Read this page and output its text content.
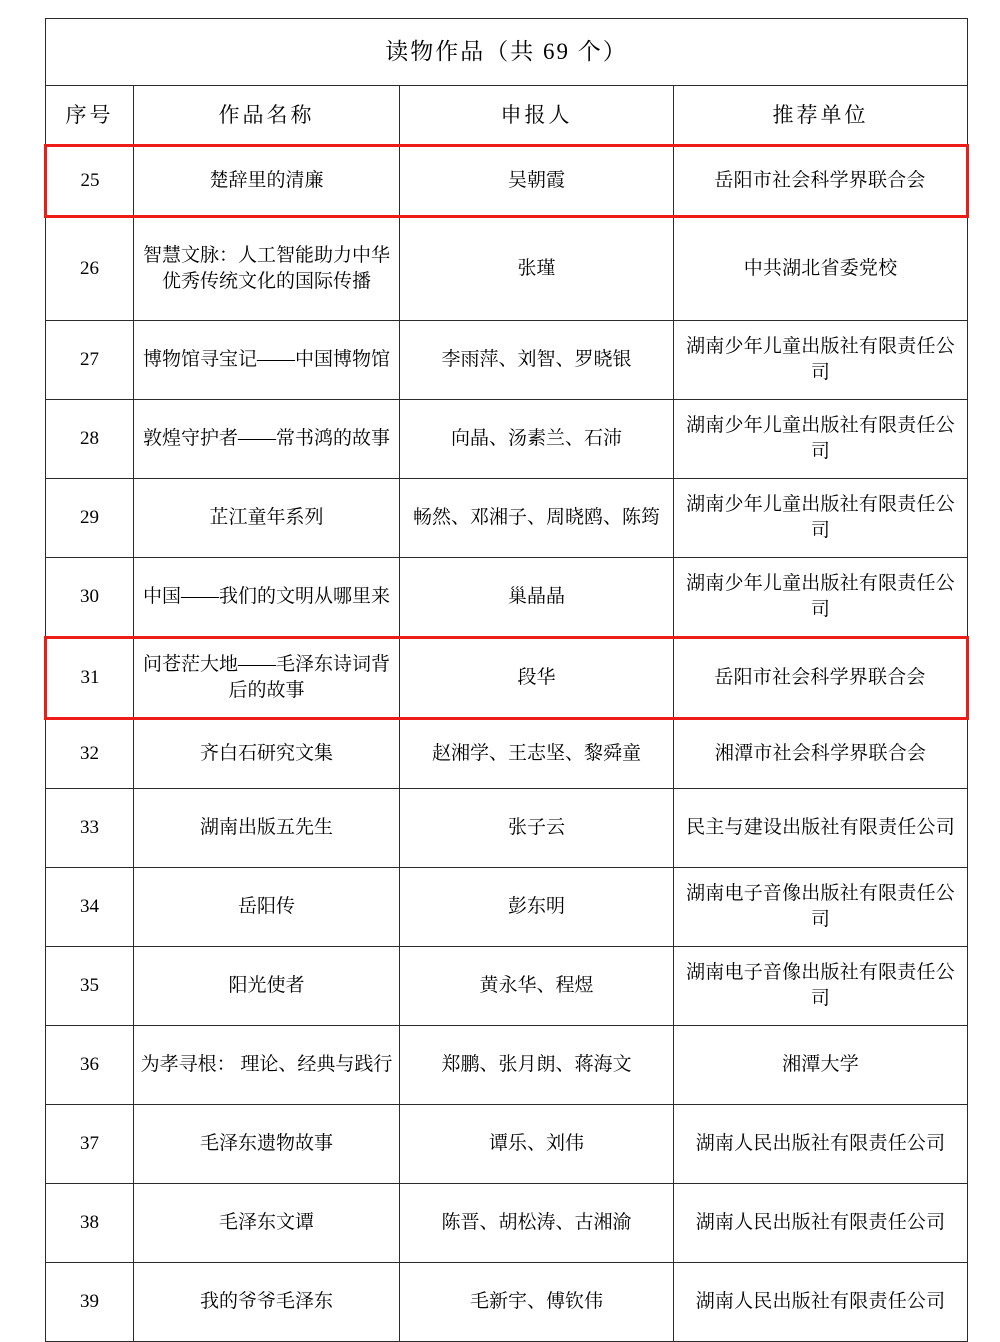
读物作品（共 69 个）			
序号	作品名称	申报人	推荐单位
25	楚辞里的清廉	吴朝霞	岳阳市社会科学界联合会
26	智慧文脉：人工智能助力中华 优秀传统文化的国际传播	张瑾	中共湖北省委党校
27	博物馆寻宝记——中国博物馆	李雨萍、刘智、罗晓银	湖南少年儿童出版社有限责任公司
28	敦煌守护者——常书鸿的故事	向晶、汤素兰、石沛	湖南少年儿童出版社有限责任公司
29	芷江童年系列	畅然、邓湘子、周晓鸥、陈筠	湖南少年儿童出版社有限责任公司
30	中国——我们的文明从哪里来	巢晶晶	湖南少年儿童出版社有限责任公司
31	问苍茫大地——毛泽东诗词背后的故事	段华	岳阳市社会科学界联合会
32	齐白石研究文集	赵湘学、王志坚、黎舜童	湘潭市社会科学界联合会
33	湖南出版五先生	张子云	民主与建设出版社有限责任公司
34	岳阳传	彭东明	湖南电子音像出版社有限责任公司
35	阳光使者	黄永华、程煜	湖南电子音像出版社有限责任公司
36	为孝寻根： 理论、经典与践行	郑鹏、张月朗、蒋海文	湘潭大学
37	毛泽东遗物故事	谭乐、刘伟	湖南人民出版社有限责任公司
38	毛泽东文谭	陈晋、胡松涛、古湘渝	湖南人民出版社有限责任公司
39	我的爷爷毛泽东	毛新宇、傅钦伟	湖南人民出版社有限责任公司
